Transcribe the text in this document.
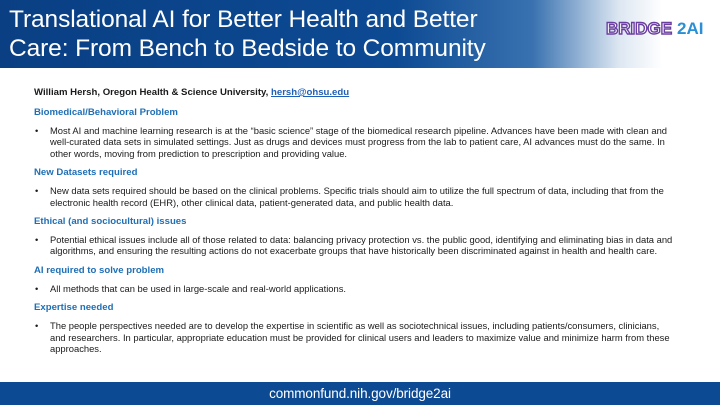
Translational AI for Better Health and Better
Care: From Bench to Bedside to Community
BRIDGE 2AI
William Hersh, Oregon Health & Science University, hersh@ohsu.edu
Biomedical/Behavioral Problem
• Most AI and machine learning research is at the “basic science” stage of the biomedical research pipeline. Advances have been made with clean and well-curated data sets in simulated settings. Just as drugs and devices must progress from the lab to patient care, AI advances must do the same. In other words, moving from prediction to prescription and providing value.
New Datasets required
• New data sets required should be based on the clinical problems. Specific trials should aim to utilize the full spectrum of data, including that from the electronic health record (EHR), other clinical data, patient-generated data, and public health data.
Ethical (and sociocultural) issues
• Potential ethical issues include all of those related to data: balancing privacy protection vs. the public good, identifying and eliminating bias in data and algorithms, and ensuring the resulting actions do not exacerbate groups that have historically been discriminated against in health and health care.
AI required to solve problem
• All methods that can be used in large-scale and real-world applications.
Expertise needed
• The people perspectives needed are to develop the expertise in scientific as well as sociotechnical issues, including patients/consumers, clinicians, and researchers. In particular, appropriate education must be provided for clinical users and leaders to maximize value and minimize harm from these approaches.
commonfund.nih.gov/bridge2ai
